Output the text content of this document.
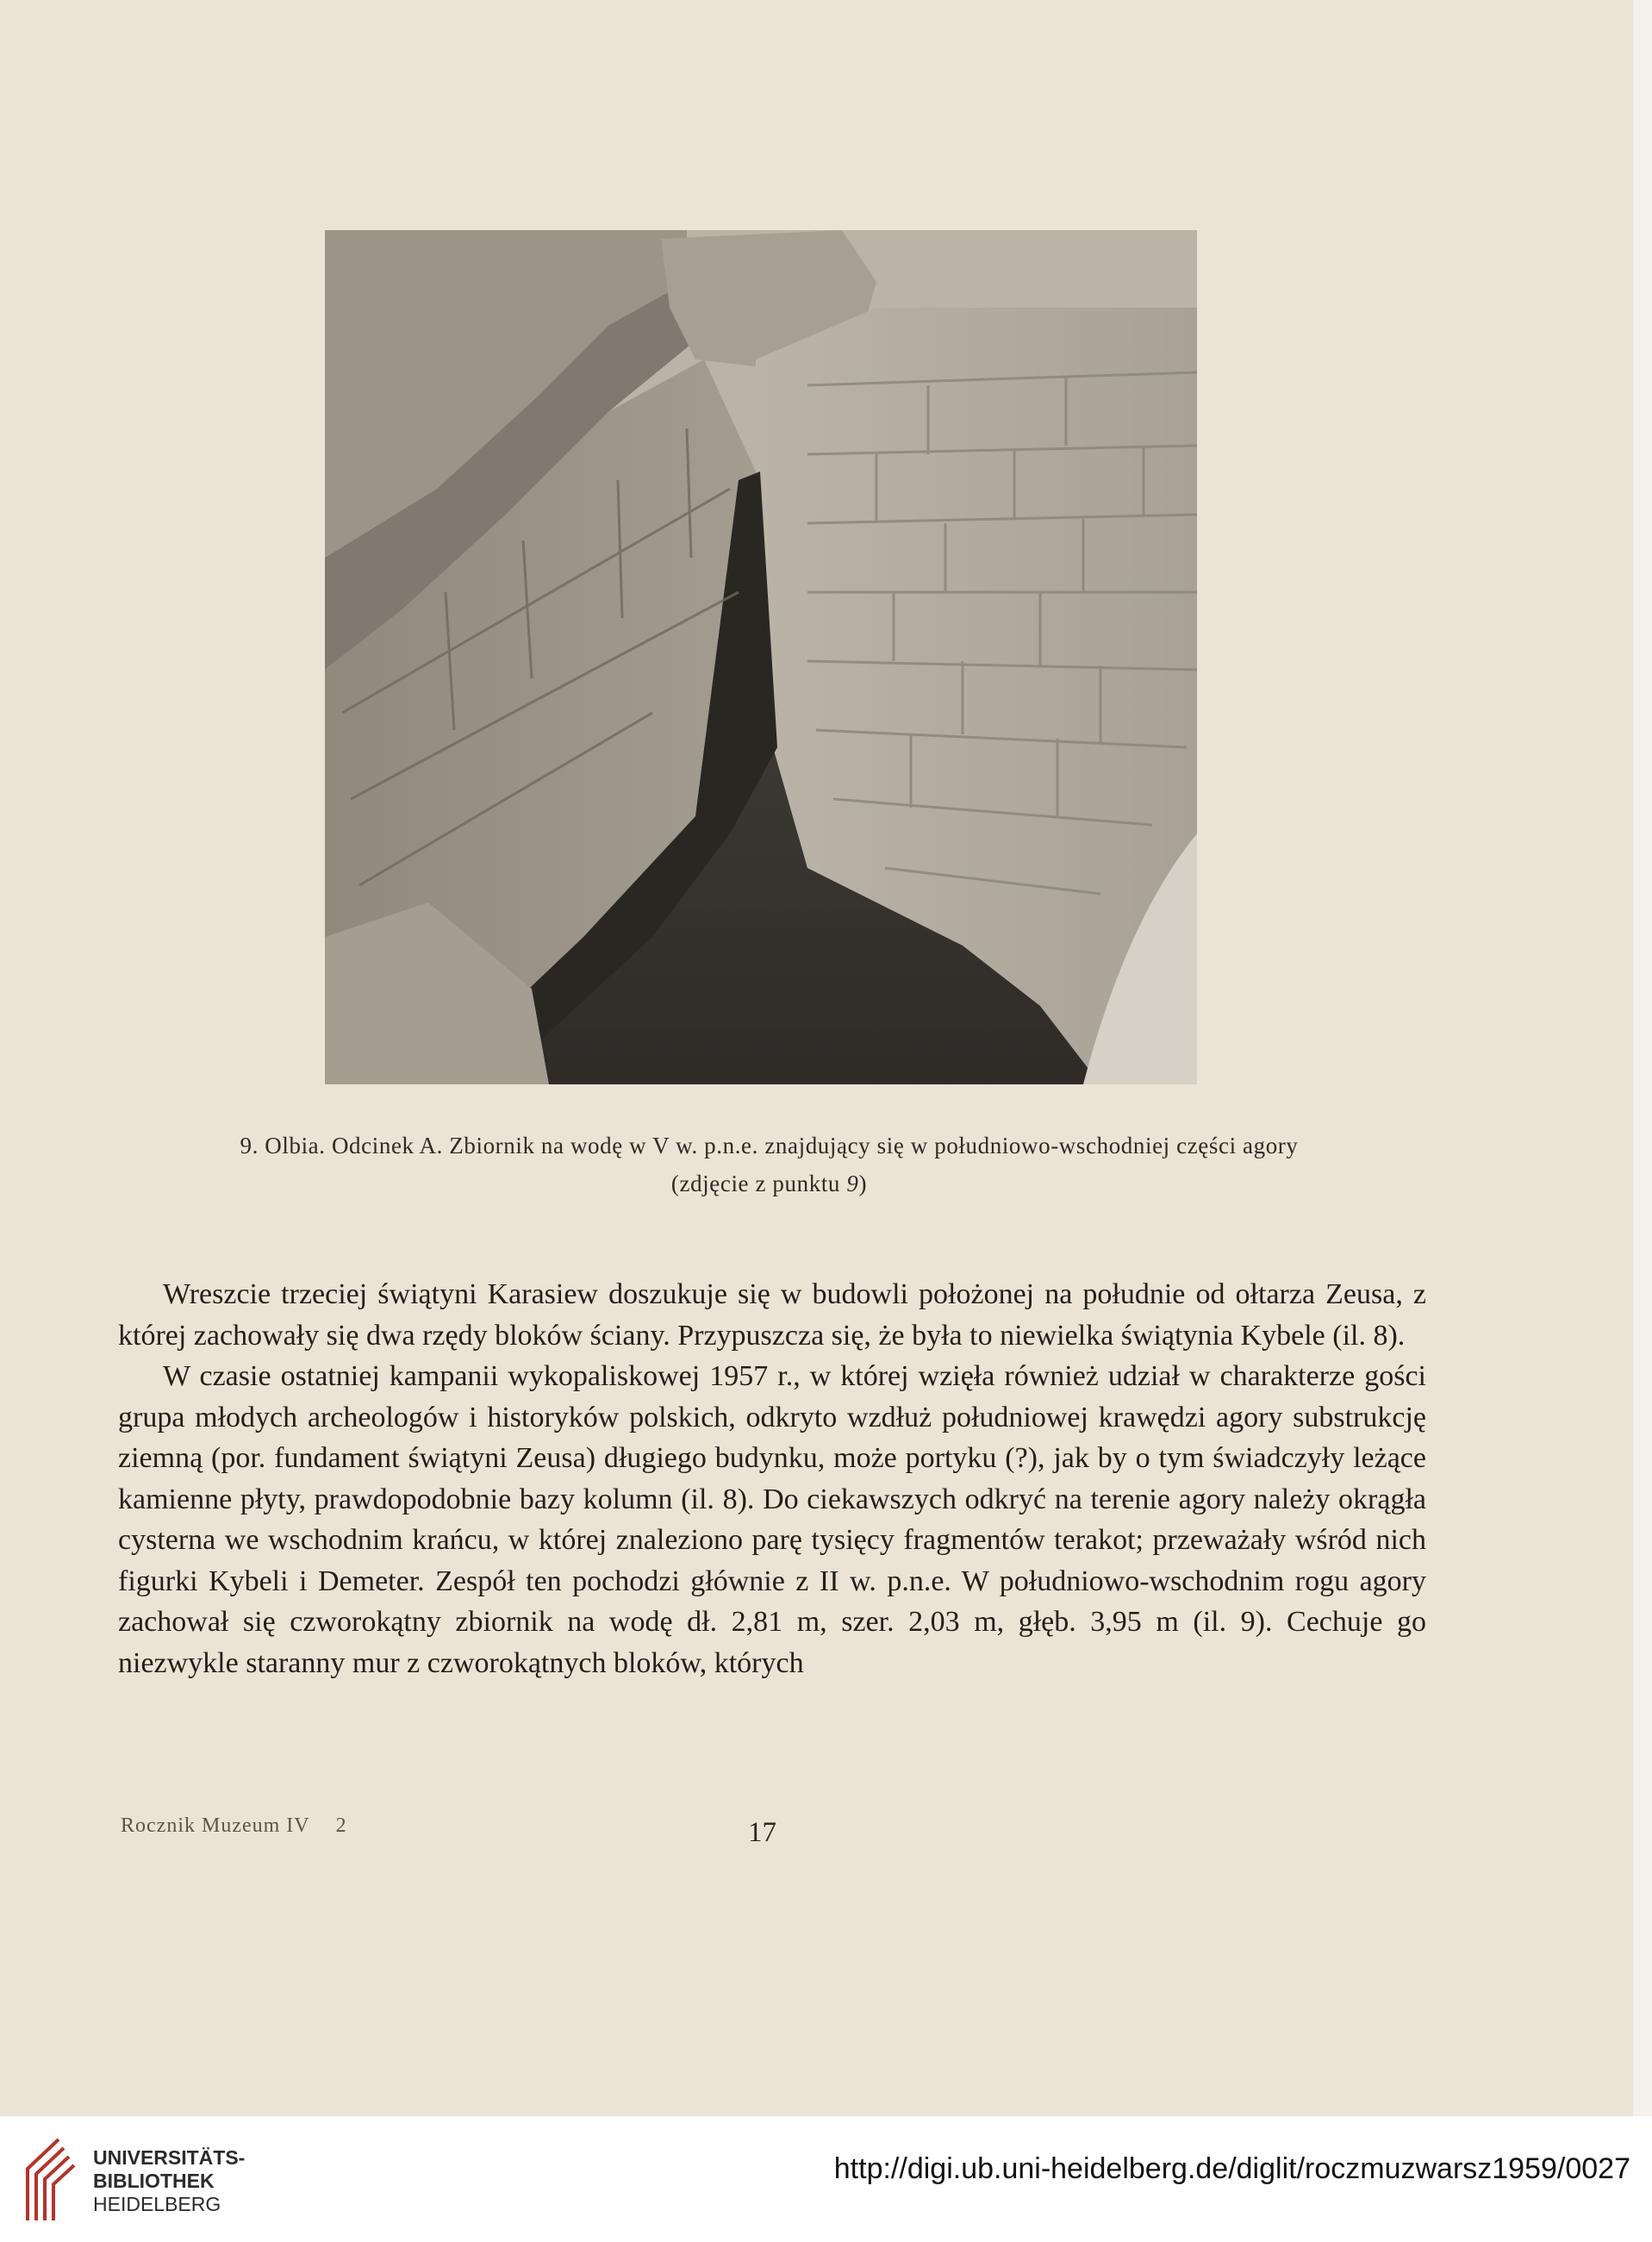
9. Olbia. Odcinek A. Zbiornik na wodę w V w. p.n.e. znajdujący się w południowo-wschodniej części agory
(zdjęcie z punktu 9)

Wreszcie trzeciej świątyni Karasiew doszukuje się w budowli położonej na południe od ołtarza Zeusa, z której zachowały się dwa rzędy bloków ściany. Przypuszcza się, że była to niewielka świątynia Kybele (il. 8).

W czasie ostatniej kampanii wykopaliskowej 1957 r., w której wzięła również udział w charakterze gości grupa młodych archeologów i historyków polskich, odkryto wzdłuż południowej krawędzi agory substrukcję ziemną (por. fundament świątyni Zeusa) długiego budynku, może portyku (?), jak by o tym świadczyły leżące kamienne płyty, prawdopodobnie bazy kolumn (il. 8). Do ciekawszych odkryć na terenie agory należy okrągła cysterna we wschodnim krańcu, w której znaleziono parę tysięcy fragmentów terakot; przeważały wśród nich figurki Kybeli i Demeter. Zespół ten pochodzi głównie z II w. p.n.e. W południowo-wschodnim rogu agory zachował się czworokątny zbiornik na wodę dł. 2,81 m, szer. 2,03 m, głęb. 3,95 m (il. 9). Cechuje go niezwykle staranny mur z czworokątnych bloków, których

Rocznik Muzeum IV 2	17
UNIVERSITÄTS-
BIBLIOTHEK
HEIDELBERG
http://digi.ub.uni-heidelberg.de/diglit/roczmuzwarsz1959/0027
